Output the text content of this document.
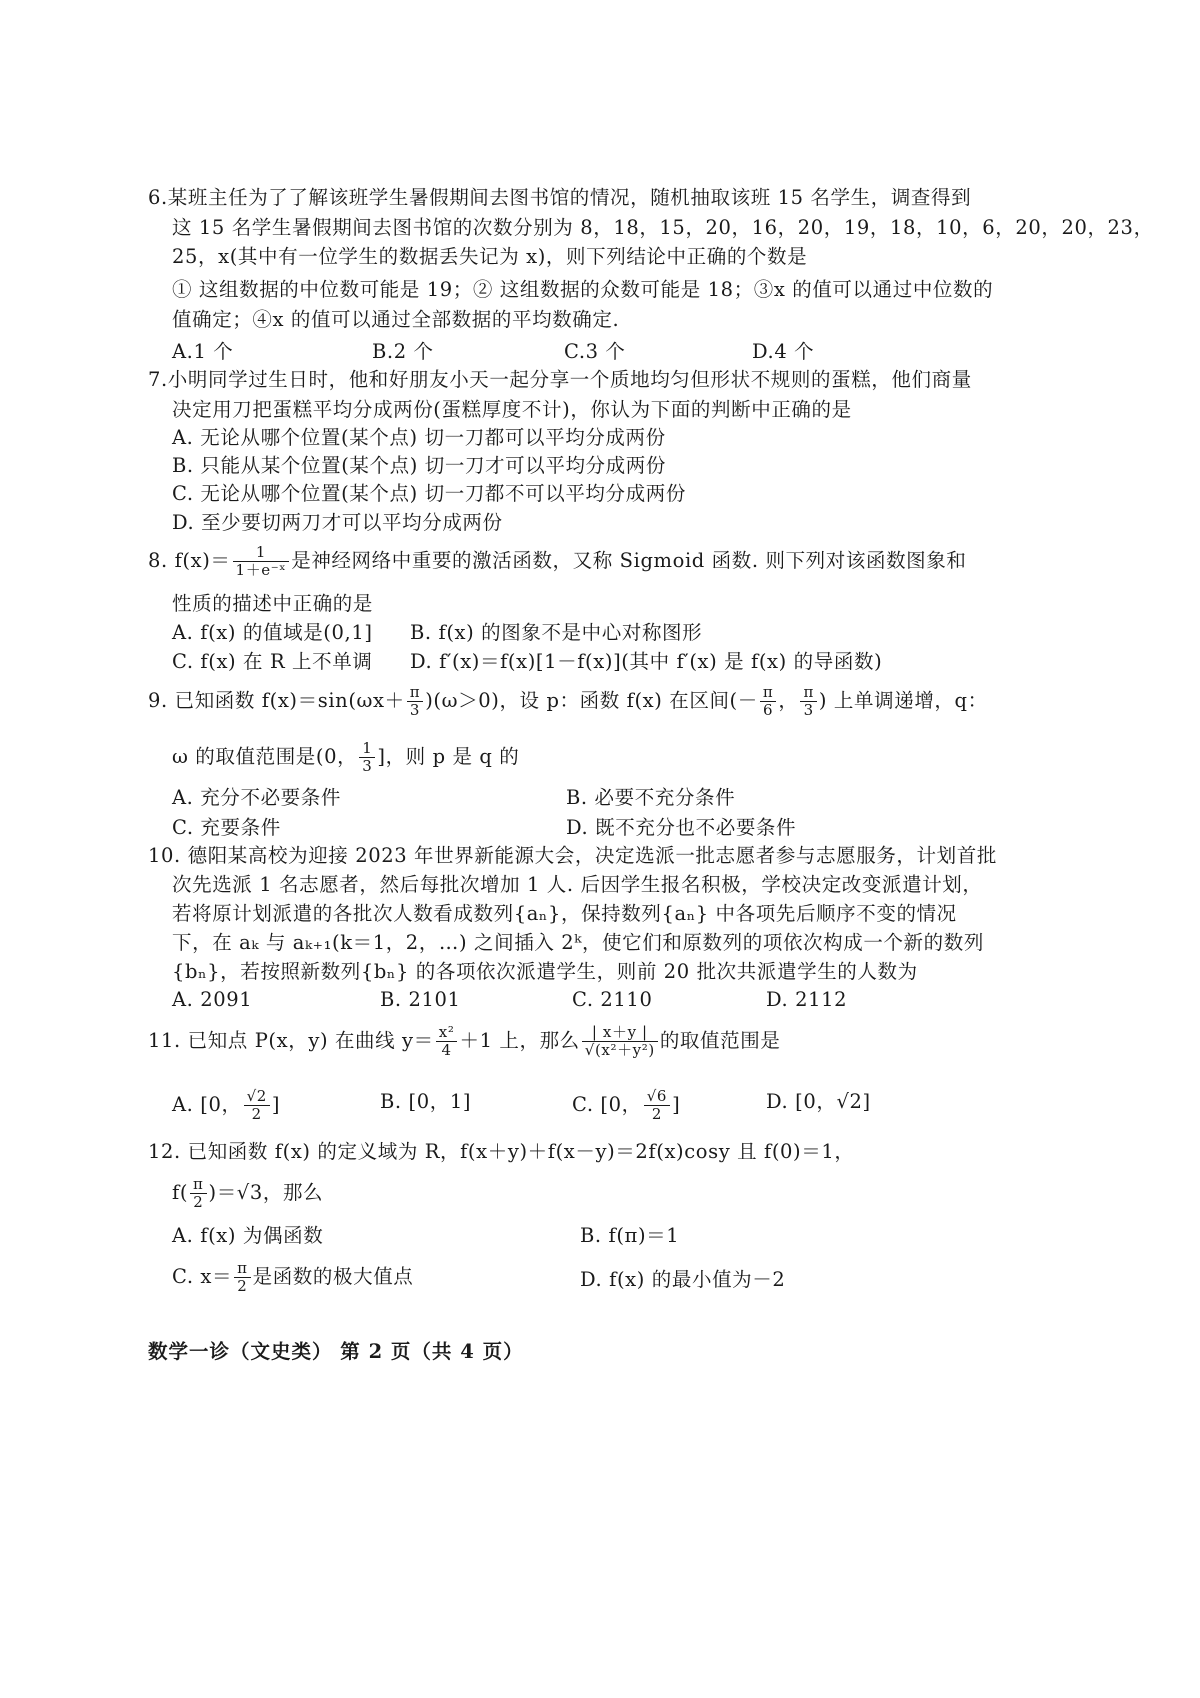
6.某班主任为了了解该班学生暑假期间去图书馆的情况，随机抽取该班 15 名学生，调查得到
这 15 名学生暑假期间去图书馆的次数分别为 8，18，15，20，16，20，19，18，10，6，20，20，23，
25，x(其中有一位学生的数据丢失记为 x)，则下列结论中正确的个数是
① 这组数据的中位数可能是 19；② 这组数据的众数可能是 18；③x 的值可以通过中位数的
值确定；④x 的值可以通过全部数据的平均数确定.
A.1 个	B.2 个	C.3 个	D.4 个
7.小明同学过生日时，他和好朋友小天一起分享一个质地均匀但形状不规则的蛋糕，他们商量
决定用刀把蛋糕平均分成两份(蛋糕厚度不计)，你认为下面的判断中正确的是
A. 无论从哪个位置(某个点) 切一刀都可以平均分成两份
B. 只能从某个位置(某个点) 切一刀才可以平均分成两份
C. 无论从哪个位置(某个点) 切一刀都不可以平均分成两份
D. 至少要切两刀才可以平均分成两份
8. $f(x)= \frac{1}{\text{1＋e⁻ˣ}}$ 是神经网络中重要的激活函数，又称 Sigmoid 函数. 则下列对该函数图象和
性质的描述中正确的是
A. f(x) 的值域是(0,1] B. f(x) 的图象不是中心对称图形
C. f(x) 在 R 上不单调 D. f′(x)＝f(x)[1－f(x)](其中 f′(x) 是 f(x) 的导函数)
9. 已知函数 $f(x)=\sin(\omega x+ \frac{\pi}{3} )(\omega>0)$，设 p：函数 f(x) 在区间(－ $\frac{\pi}{6}$ ， $\frac{\pi}{3}$ ) 上单调递增，q：
ω 的取值范围是(0， $\frac{1}{3}$ ]，则 p 是 q 的
A. 充分不必要条件	B. 必要不充分条件
C. 充要条件	D. 既不充分也不必要条件
10. 德阳某高校为迎接 2023 年世界新能源大会，决定选派一批志愿者参与志愿服务，计划首批
次先选派 1 名志愿者，然后每批次增加 1 人. 后因学生报名积极，学校决定改变派遣计划，
若将原计划派遣的各批次人数看成数列{aₙ}，保持数列{aₙ} 中各项先后顺序不变的情况
下，在 aₖ 与 aₖ₊₁(k＝1，2，…) 之间插入 2ᵏ，使它们和原数列的项依次构成一个新的数列
{bₙ}，若按照新数列{bₙ} 的各项依次派遣学生，则前 20 批次共派遣学生的人数为
A. 2091	B. 2101	C. 2110	D. 2112
11. 已知点 P(x，y) 在曲线 $y= \frac{\text{x²}}{4} +1$ 上，那么 $\frac{| x+y |}{\text{√(x²＋y²)}}$ 的取值范围是
A. [0， $\frac{√2}{2}$ ]	B. [0，1]	C. [0， $\frac{√6}{2}$ ]	D. [0，√2]
12. 已知函数 f(x) 的定义域为 R，f(x＋y)＋f(x－y)＝2f(x)cosy 且 f(0)＝1，
$f( \frac{\pi}{2} )=√3$，那么
A. f(x) 为偶函数	B. f(π)＝1
C. $x= \frac{\pi}{2}$ 是函数的极大值点	D. f(x) 的最小值为－2
数学一诊（文史类） 第 2 页（共 4 页）
